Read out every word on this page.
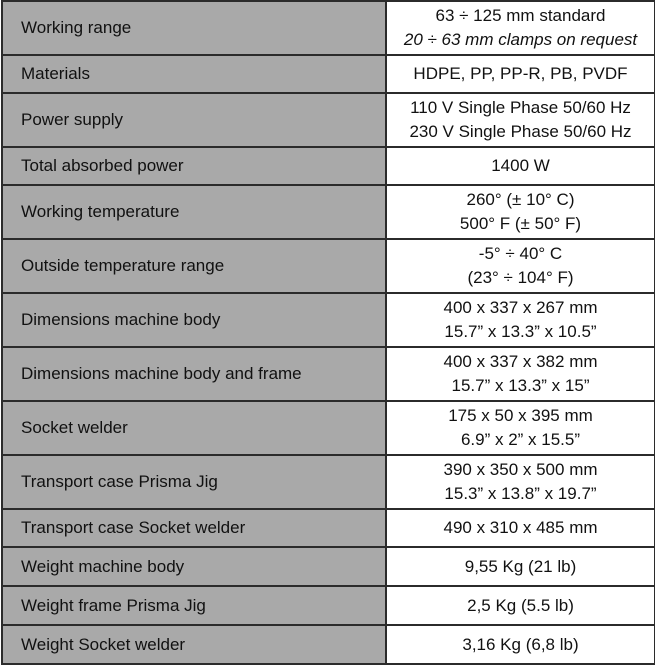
Working range	63 ÷ 125 mm standard
20 ÷ 63 mm clamps on request

Materials	HDPE, PP, PP-R, PB, PVDF

Power supply	110 V Single Phase 50/60 Hz
230 V Single Phase 50/60 Hz

Total absorbed power	1400 W

Working temperature	260° (± 10° C)
500° F (± 50° F)

Outside temperature range	-5° ÷ 40° C
(23° ÷ 104° F)

Dimensions machine body	400 x 337 x 267 mm
15.7” x 13.3” x 10.5”

Dimensions machine body and frame	400 x 337 x 382 mm
15.7” x 13.3” x 15”

Socket welder	175 x 50 x 395 mm
6.9” x 2” x 15.5”

Transport case Prisma Jig	390 x 350 x 500 mm
15.3” x 13.8” x 19.7”

Transport case Socket welder	490 x 310 x 485 mm

Weight machine body	9,55 Kg (21 lb)

Weight frame Prisma Jig	2,5 Kg (5.5 lb)

Weight Socket welder	3,16 Kg (6,8 lb)
